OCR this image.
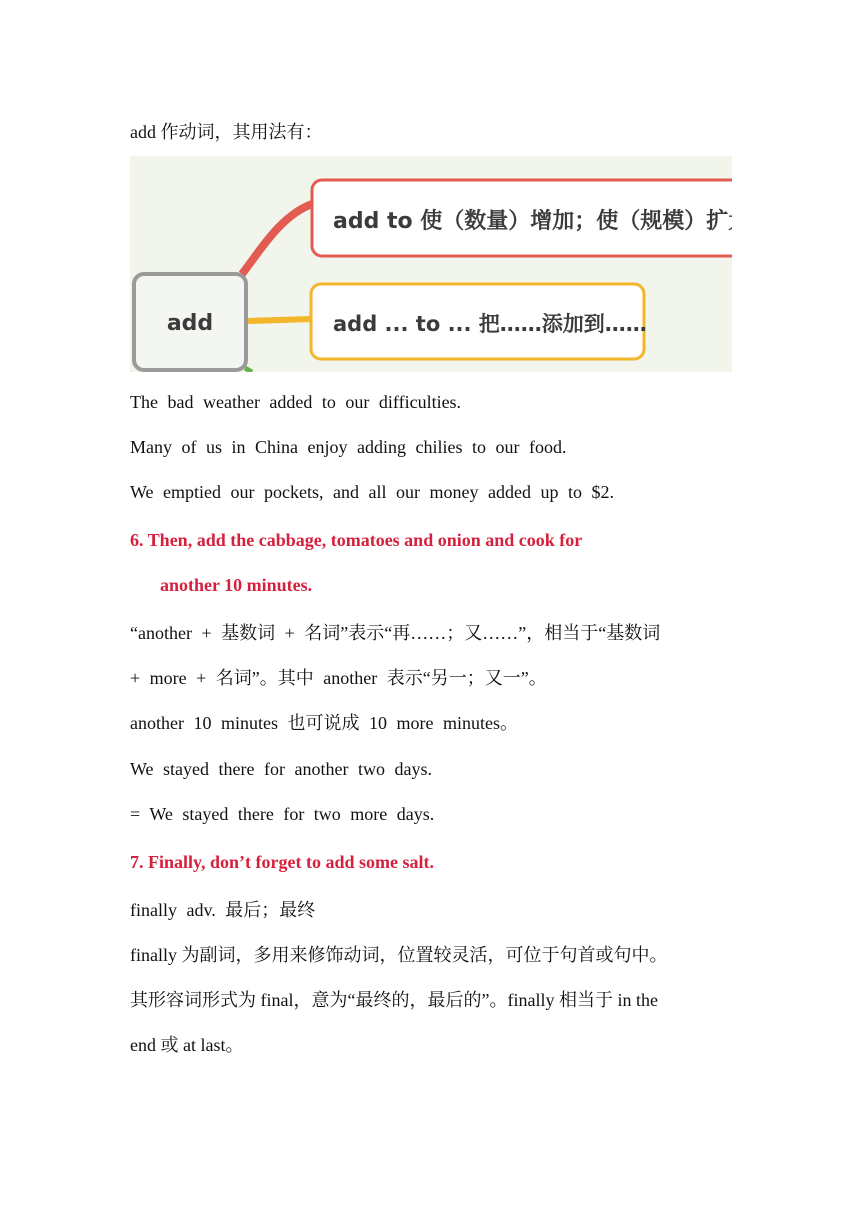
add 作动词，其用法有：
add
add to 使（数量）增加；使（规模）扩大
add ... to ... 把……添加到……
The bad weather added to our difficulties.
Many of us in China enjoy adding chilies to our food.
We emptied our pockets, and all our money added up to $2.
6. Then, add the cabbage, tomatoes and onion and cook for
another 10 minutes.
“another + 基数词 + 名词”表示“再……；又……”，相当于“基数词
+ more + 名词”。其中 another 表示“另一；又一”。
another 10 minutes 也可说成 10 more minutes。
We stayed there for another two days.
= We stayed there for two more days.
7. Finally, don’t forget to add some salt.
finally adv. 最后；最终
finally 为副词，多用来修饰动词，位置较灵活，可位于句首或句中。
其形容词形式为 final，意为“最终的，最后的”。finally 相当于 in the
end 或 at last。
